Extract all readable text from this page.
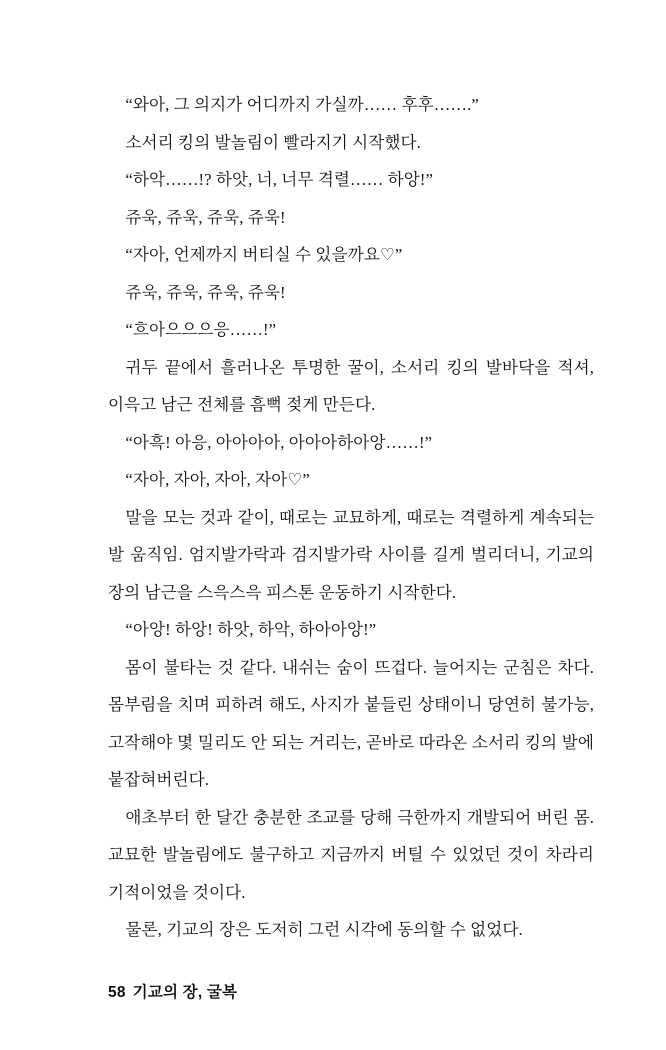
“와아, 그 의지가 어디까지 가실까…… 후후…….”

소서리 킹의 발놀림이 빨라지기 시작했다.

“하악……!? 하앗, 너, 너무 격렬…… 하앙!”

쥬욱, 쥬욱, 쥬욱, 쥬욱!

“자아, 언제까지 버티실 수 있을까요♡”

쥬욱, 쥬욱, 쥬욱, 쥬욱!

“흐아으으으응……!”

귀두 끝에서 흘러나온 투명한 꿀이, 소서리 킹의 발바닥을 적셔, 이윽고 남근 전체를 흠뻑 젖게 만든다.

“아흑! 아응, 아아아아, 아아아하아앙……!”

“자아, 자아, 자아, 자아♡”

말을 모는 것과 같이, 때로는 교묘하게, 때로는 격렬하게 계속되는 발 움직임. 엄지발가락과 검지발가락 사이를 길게 벌리더니, 기교의 장의 남근을 스윽스윽 피스톤 운동하기 시작한다.

“아앙! 하앙! 하앗, 하악, 하아아앙!”

몸이 불타는 것 같다. 내쉬는 숨이 뜨겁다. 늘어지는 군침은 차다. 몸부림을 치며 피하려 해도, 사지가 붙들린 상태이니 당연히 불가능, 고작해야 몇 밀리도 안 되는 거리는, 곧바로 따라온 소서리 킹의 발에 붙잡혀버린다.

애초부터 한 달간 충분한 조교를 당해 극한까지 개발되어 버린 몸. 교묘한 발놀림에도 불구하고 지금까지 버틸 수 있었던 것이 차라리 기적이었을 것이다.

물론, 기교의 장은 도저히 그런 시각에 동의할 수 없었다.

58 기교의 장, 굴복
